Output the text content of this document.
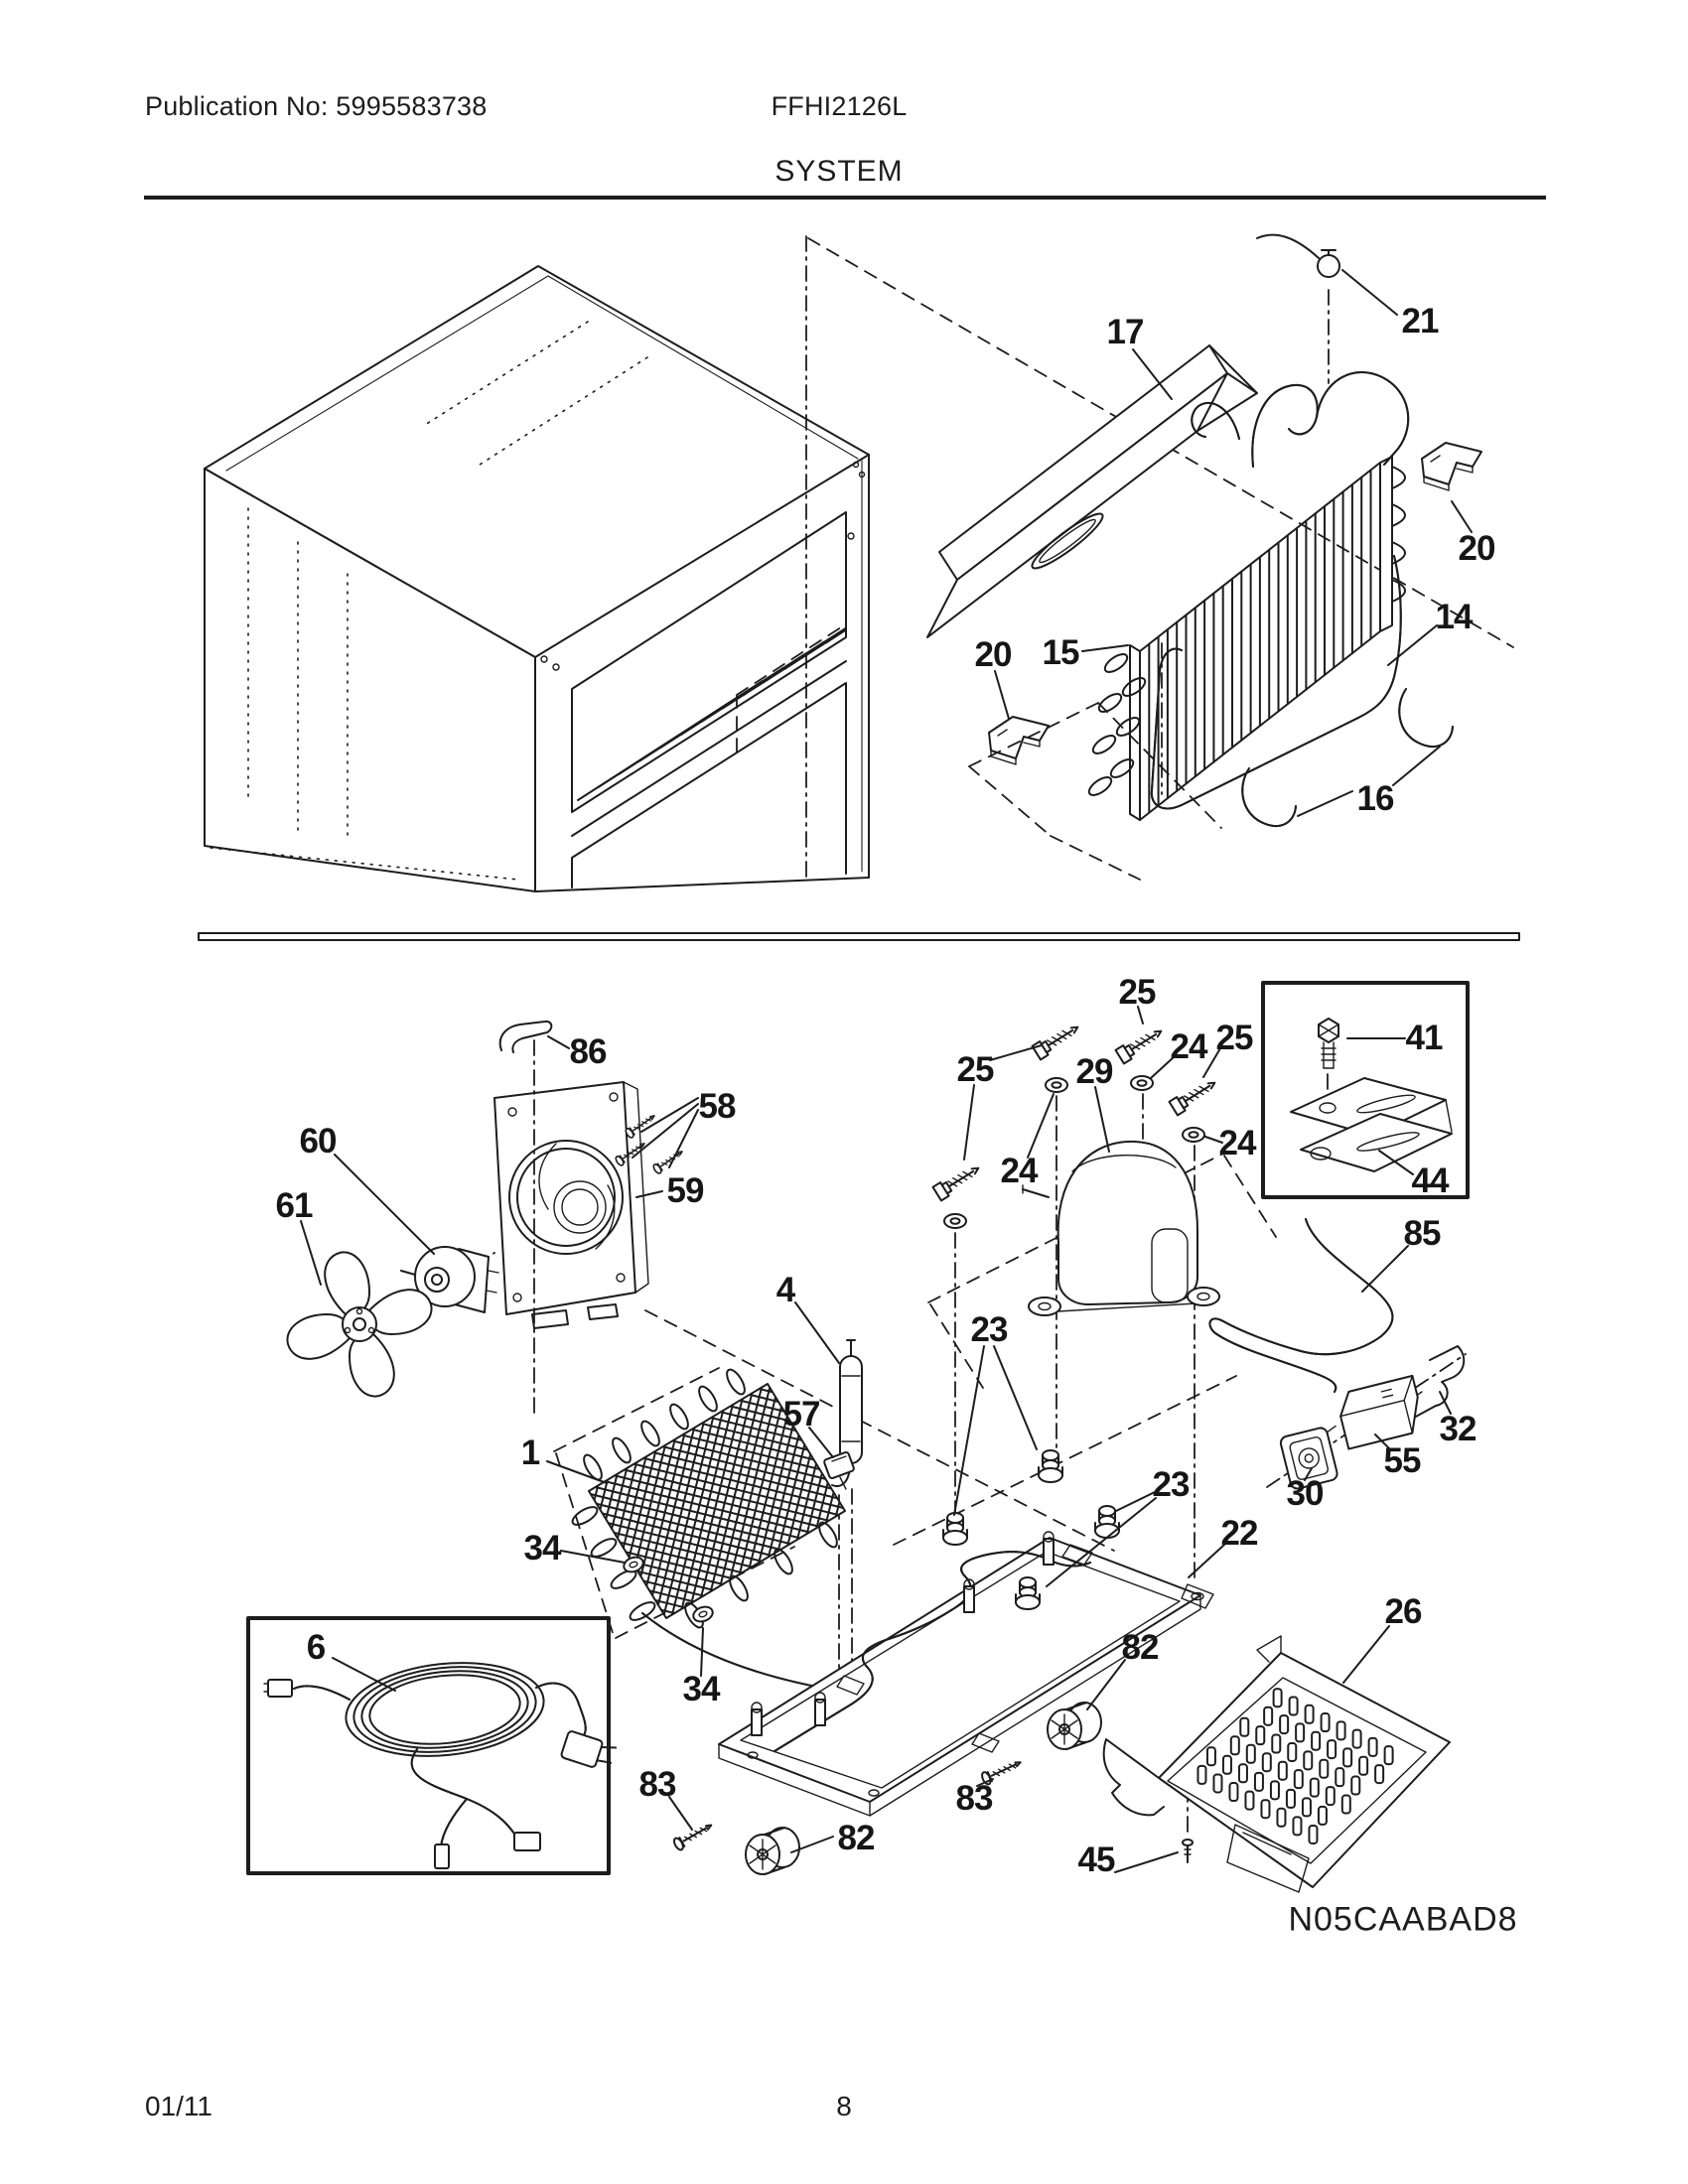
Publication No: 5995583738	FFHI2126L
SYSTEM
17	21
20
14
15
20
16
86
58
60
59
61
25
25
24 25
29
24
24
41
44
85
4
23
57
1
23
34	22
6
34
82
26
83	83
82
45
32
55
30
N05CAABAD8
01/11	8
